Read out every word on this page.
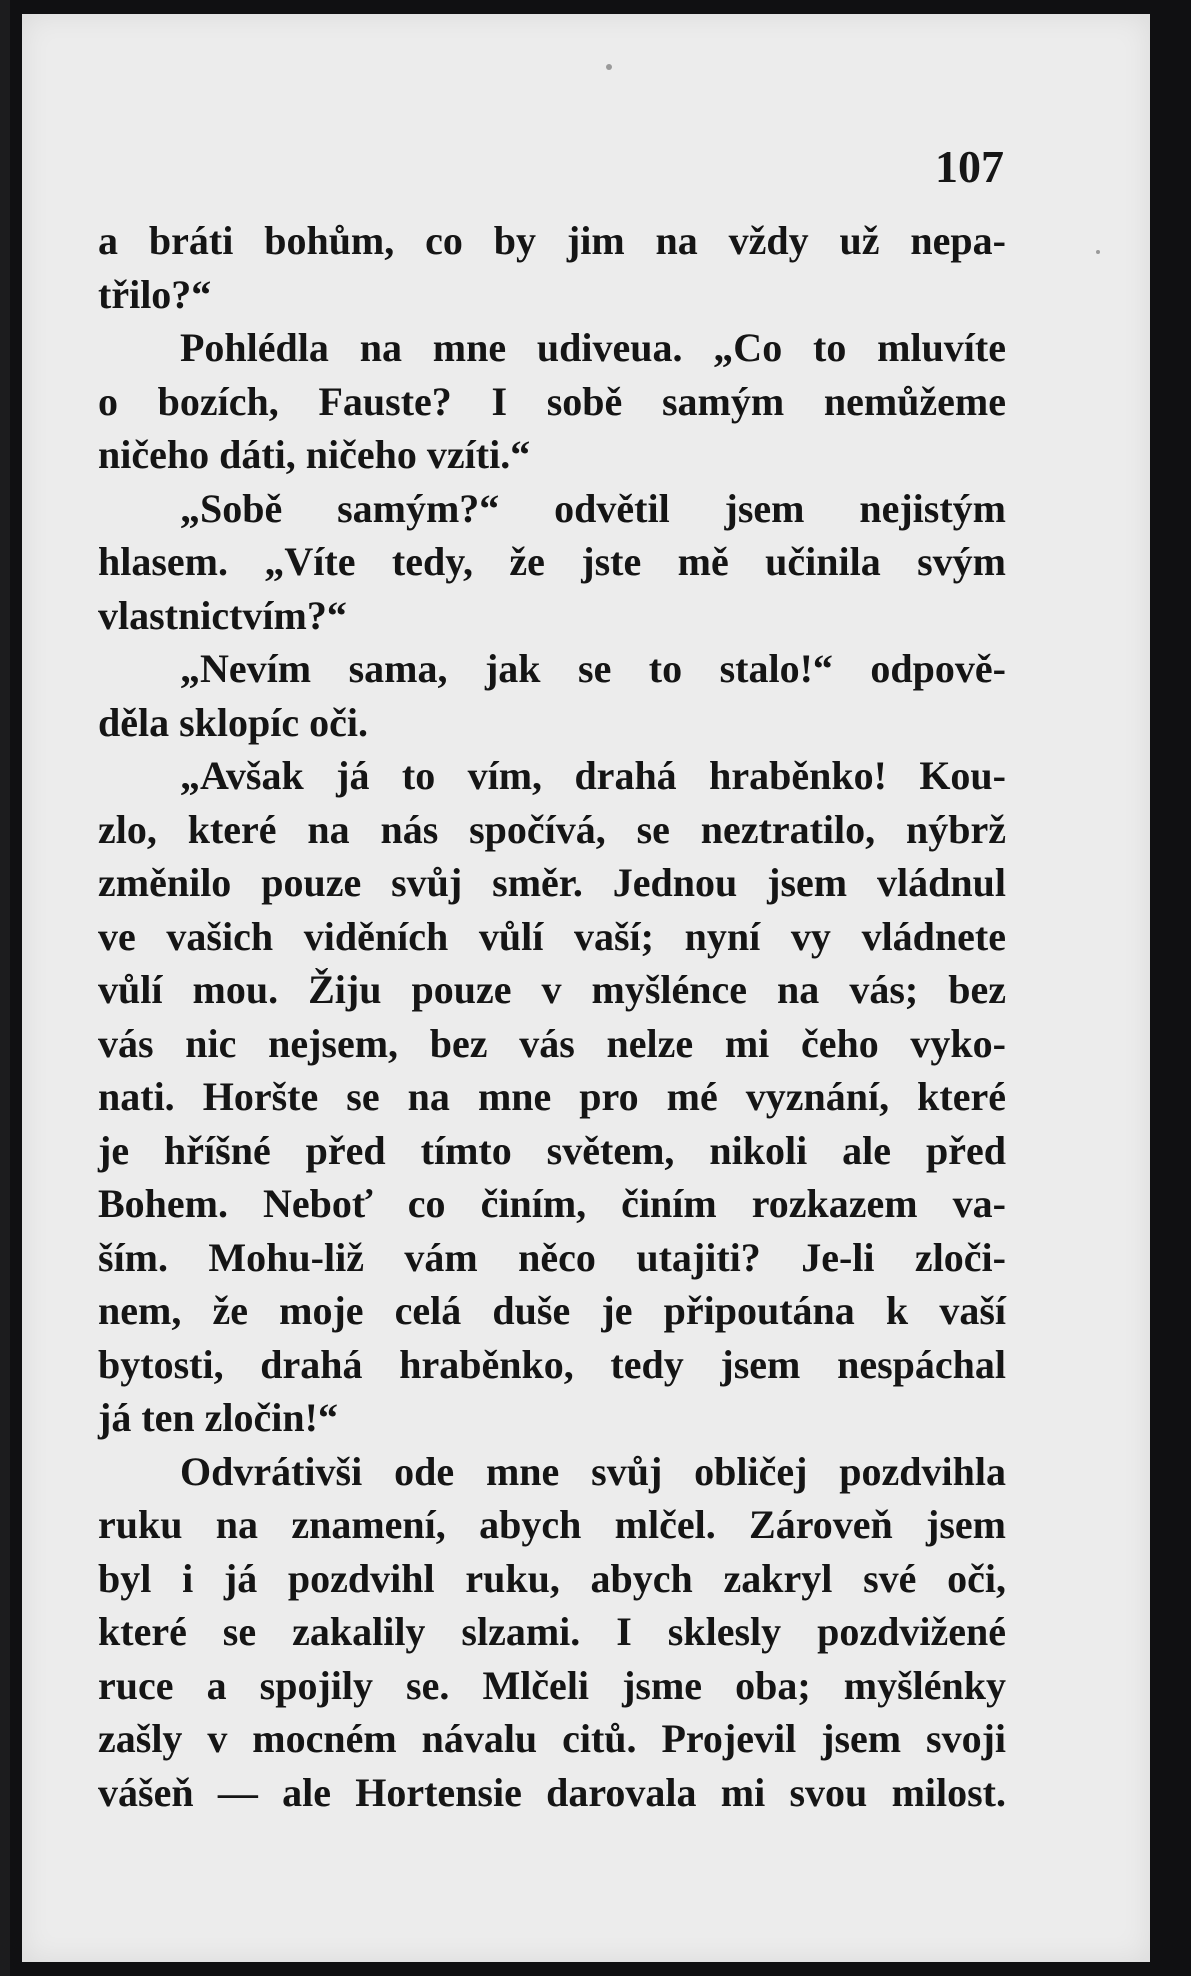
107
a bráti bohům, co by jim na vždy už nepa-
třilo?“
Pohlédla na mne udiveua. „Co to mluvíte
o bozích, Fauste? I sobě samým nemůžeme
ničeho dáti, ničeho vzíti.“
„Sobě samým?“ odvětil jsem nejistým
hlasem. „Víte tedy, že jste mě učinila svým
vlastnictvím?“
„Nevím sama, jak se to stalo!“ odpově-
děla sklopíc oči.
„Avšak já to vím, drahá hraběnko! Kou-
zlo, které na nás spočívá, se neztratilo, nýbrž
změnilo pouze svůj směr. Jednou jsem vládnul
ve vašich viděních vůlí vaší; nyní vy vládnete
vůlí mou. Žiju pouze v myšlénce na vás; bez
vás nic nejsem, bez vás nelze mi čeho vyko-
nati. Horšte se na mne pro mé vyznání, které
je hříšné před tímto světem, nikoli ale před
Bohem. Neboť co činím, činím rozkazem va-
ším. Mohu-liž vám něco utajiti? Je-li zloči-
nem, že moje celá duše je připoutána k vaší
bytosti, drahá hraběnko, tedy jsem nespáchal
já ten zločin!“
Odvrátivši ode mne svůj obličej pozdvihla
ruku na znamení, abych mlčel. Zároveň jsem
byl i já pozdvihl ruku, abych zakryl své oči,
které se zakalily slzami. I sklesly pozdvižené
ruce a spojily se. Mlčeli jsme oba; myšlénky
zašly v mocném návalu citů. Projevil jsem svoji
vášeň — ale Hortensie darovala mi svou milost.
